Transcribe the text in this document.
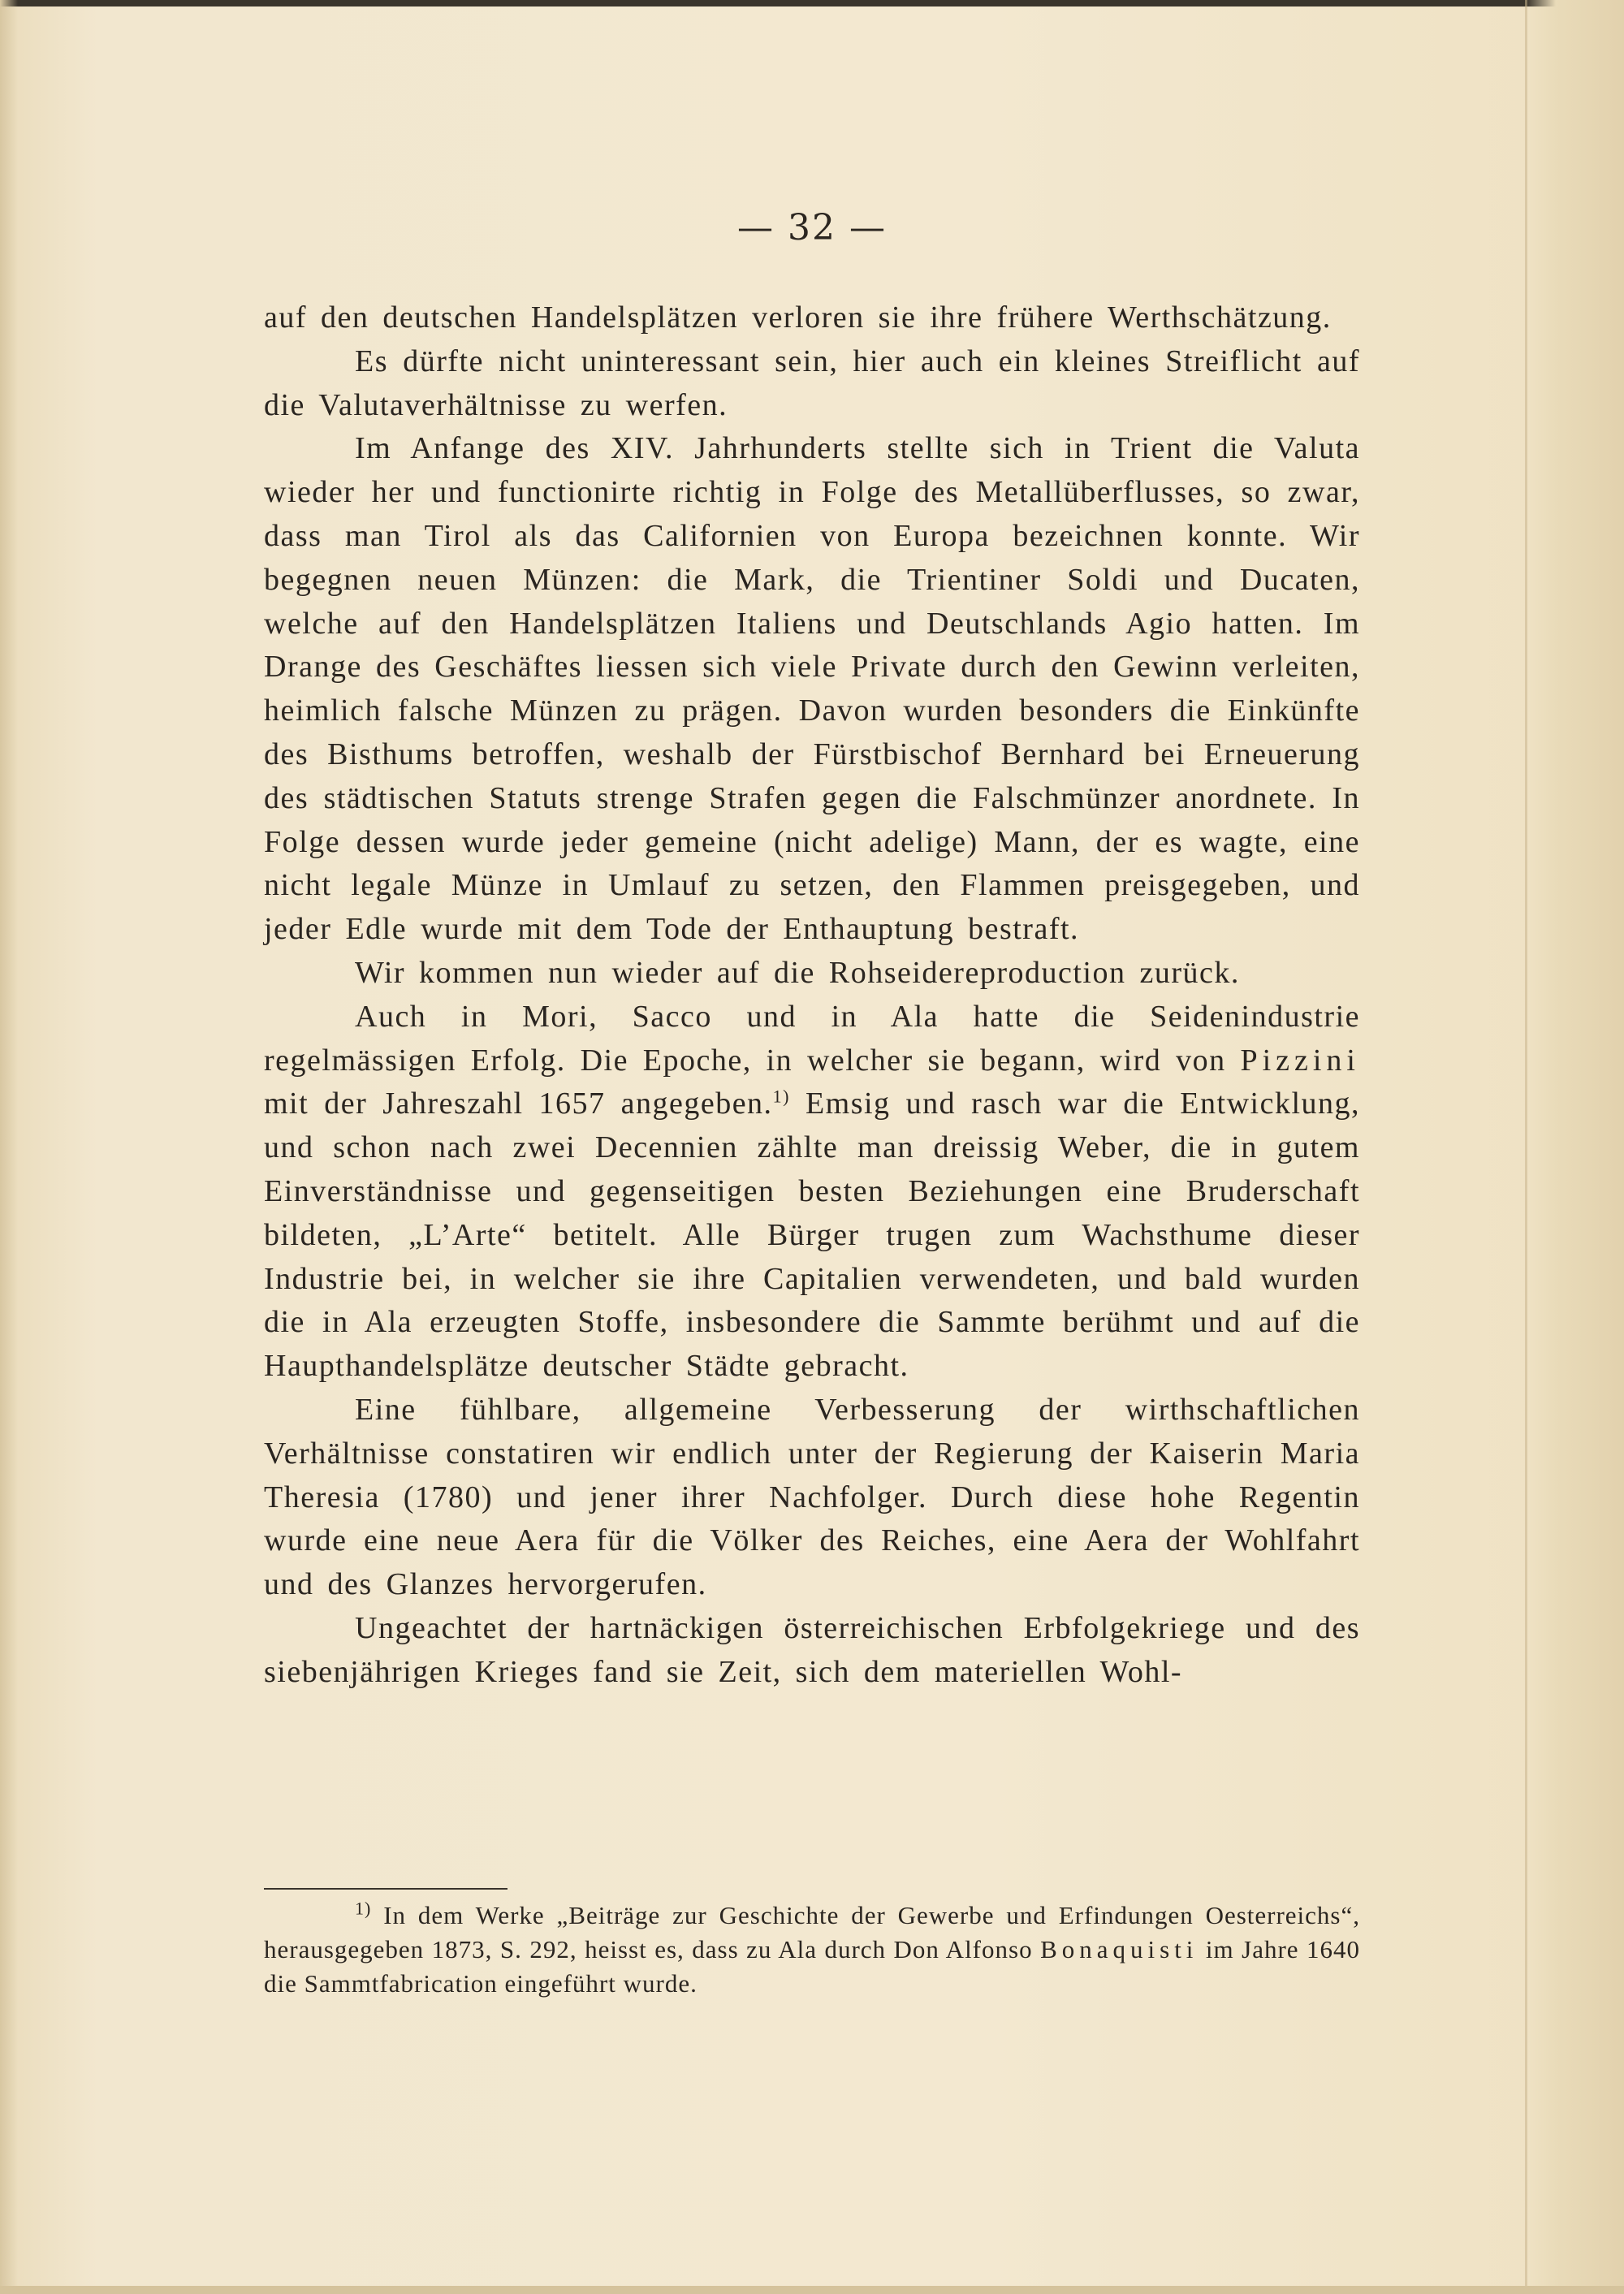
— 32 —

auf den deutschen Handelsplätzen verloren sie ihre frühere Werthschätzung.

Es dürfte nicht uninteressant sein, hier auch ein kleines Streiflicht auf die Valutaverhältnisse zu werfen.

Im Anfange des XIV. Jahrhunderts stellte sich in Trient die Valuta wieder her und functionirte richtig in Folge des Metallüberflusses, so zwar, dass man Tirol als das Californien von Europa bezeichnen konnte. Wir begegnen neuen Münzen: die Mark, die Trientiner Soldi und Ducaten, welche auf den Handelsplätzen Italiens und Deutschlands Agio hatten. Im Drange des Geschäftes liessen sich viele Private durch den Gewinn verleiten, heimlich falsche Münzen zu prägen. Davon wurden besonders die Einkünfte des Bisthums betroffen, weshalb der Fürstbischof Bernhard bei Erneuerung des städtischen Statuts strenge Strafen gegen die Falschmünzer anordnete. In Folge dessen wurde jeder gemeine (nicht adelige) Mann, der es wagte, eine nicht legale Münze in Umlauf zu setzen, den Flammen preisgegeben, und jeder Edle wurde mit dem Tode der Enthauptung bestraft.

Wir kommen nun wieder auf die Rohseidereproduction zurück.

Auch in Mori, Sacco und in Ala hatte die Seidenindustrie regelmässigen Erfolg. Die Epoche, in welcher sie begann, wird von Pizzini mit der Jahreszahl 1657 angegeben.$^{1)}$ Emsig und rasch war die Entwicklung, und schon nach zwei Decennien zählte man dreissig Weber, die in gutem Einverständnisse und gegenseitigen besten Beziehungen eine Bruderschaft bildeten, „L’Arte“ betitelt. Alle Bürger trugen zum Wachsthume dieser Industrie bei, in welcher sie ihre Capitalien verwendeten, und bald wurden die in Ala erzeugten Stoffe, insbesondere die Sammte berühmt und auf die Haupthandelsplätze deutscher Städte gebracht.

Eine fühlbare, allgemeine Verbesserung der wirthschaftlichen Verhältnisse constatiren wir endlich unter der Regierung der Kaiserin Maria Theresia (1780) und jener ihrer Nachfolger. Durch diese hohe Regentin wurde eine neue Aera für die Völker des Reiches, eine Aera der Wohlfahrt und des Glanzes hervorgerufen.

Ungeachtet der hartnäckigen österreichischen Erbfolgekriege und des siebenjährigen Krieges fand sie Zeit, sich dem materiellen Wohl-

$^{1)}$ In dem Werke „Beiträge zur Geschichte der Gewerbe und Erfindungen Oesterreichs“, herausgegeben 1873, S. 292, heisst es, dass zu Ala durch Don Alfonso Bonaquisti im Jahre 1640 die Sammtfabrication eingeführt wurde.
